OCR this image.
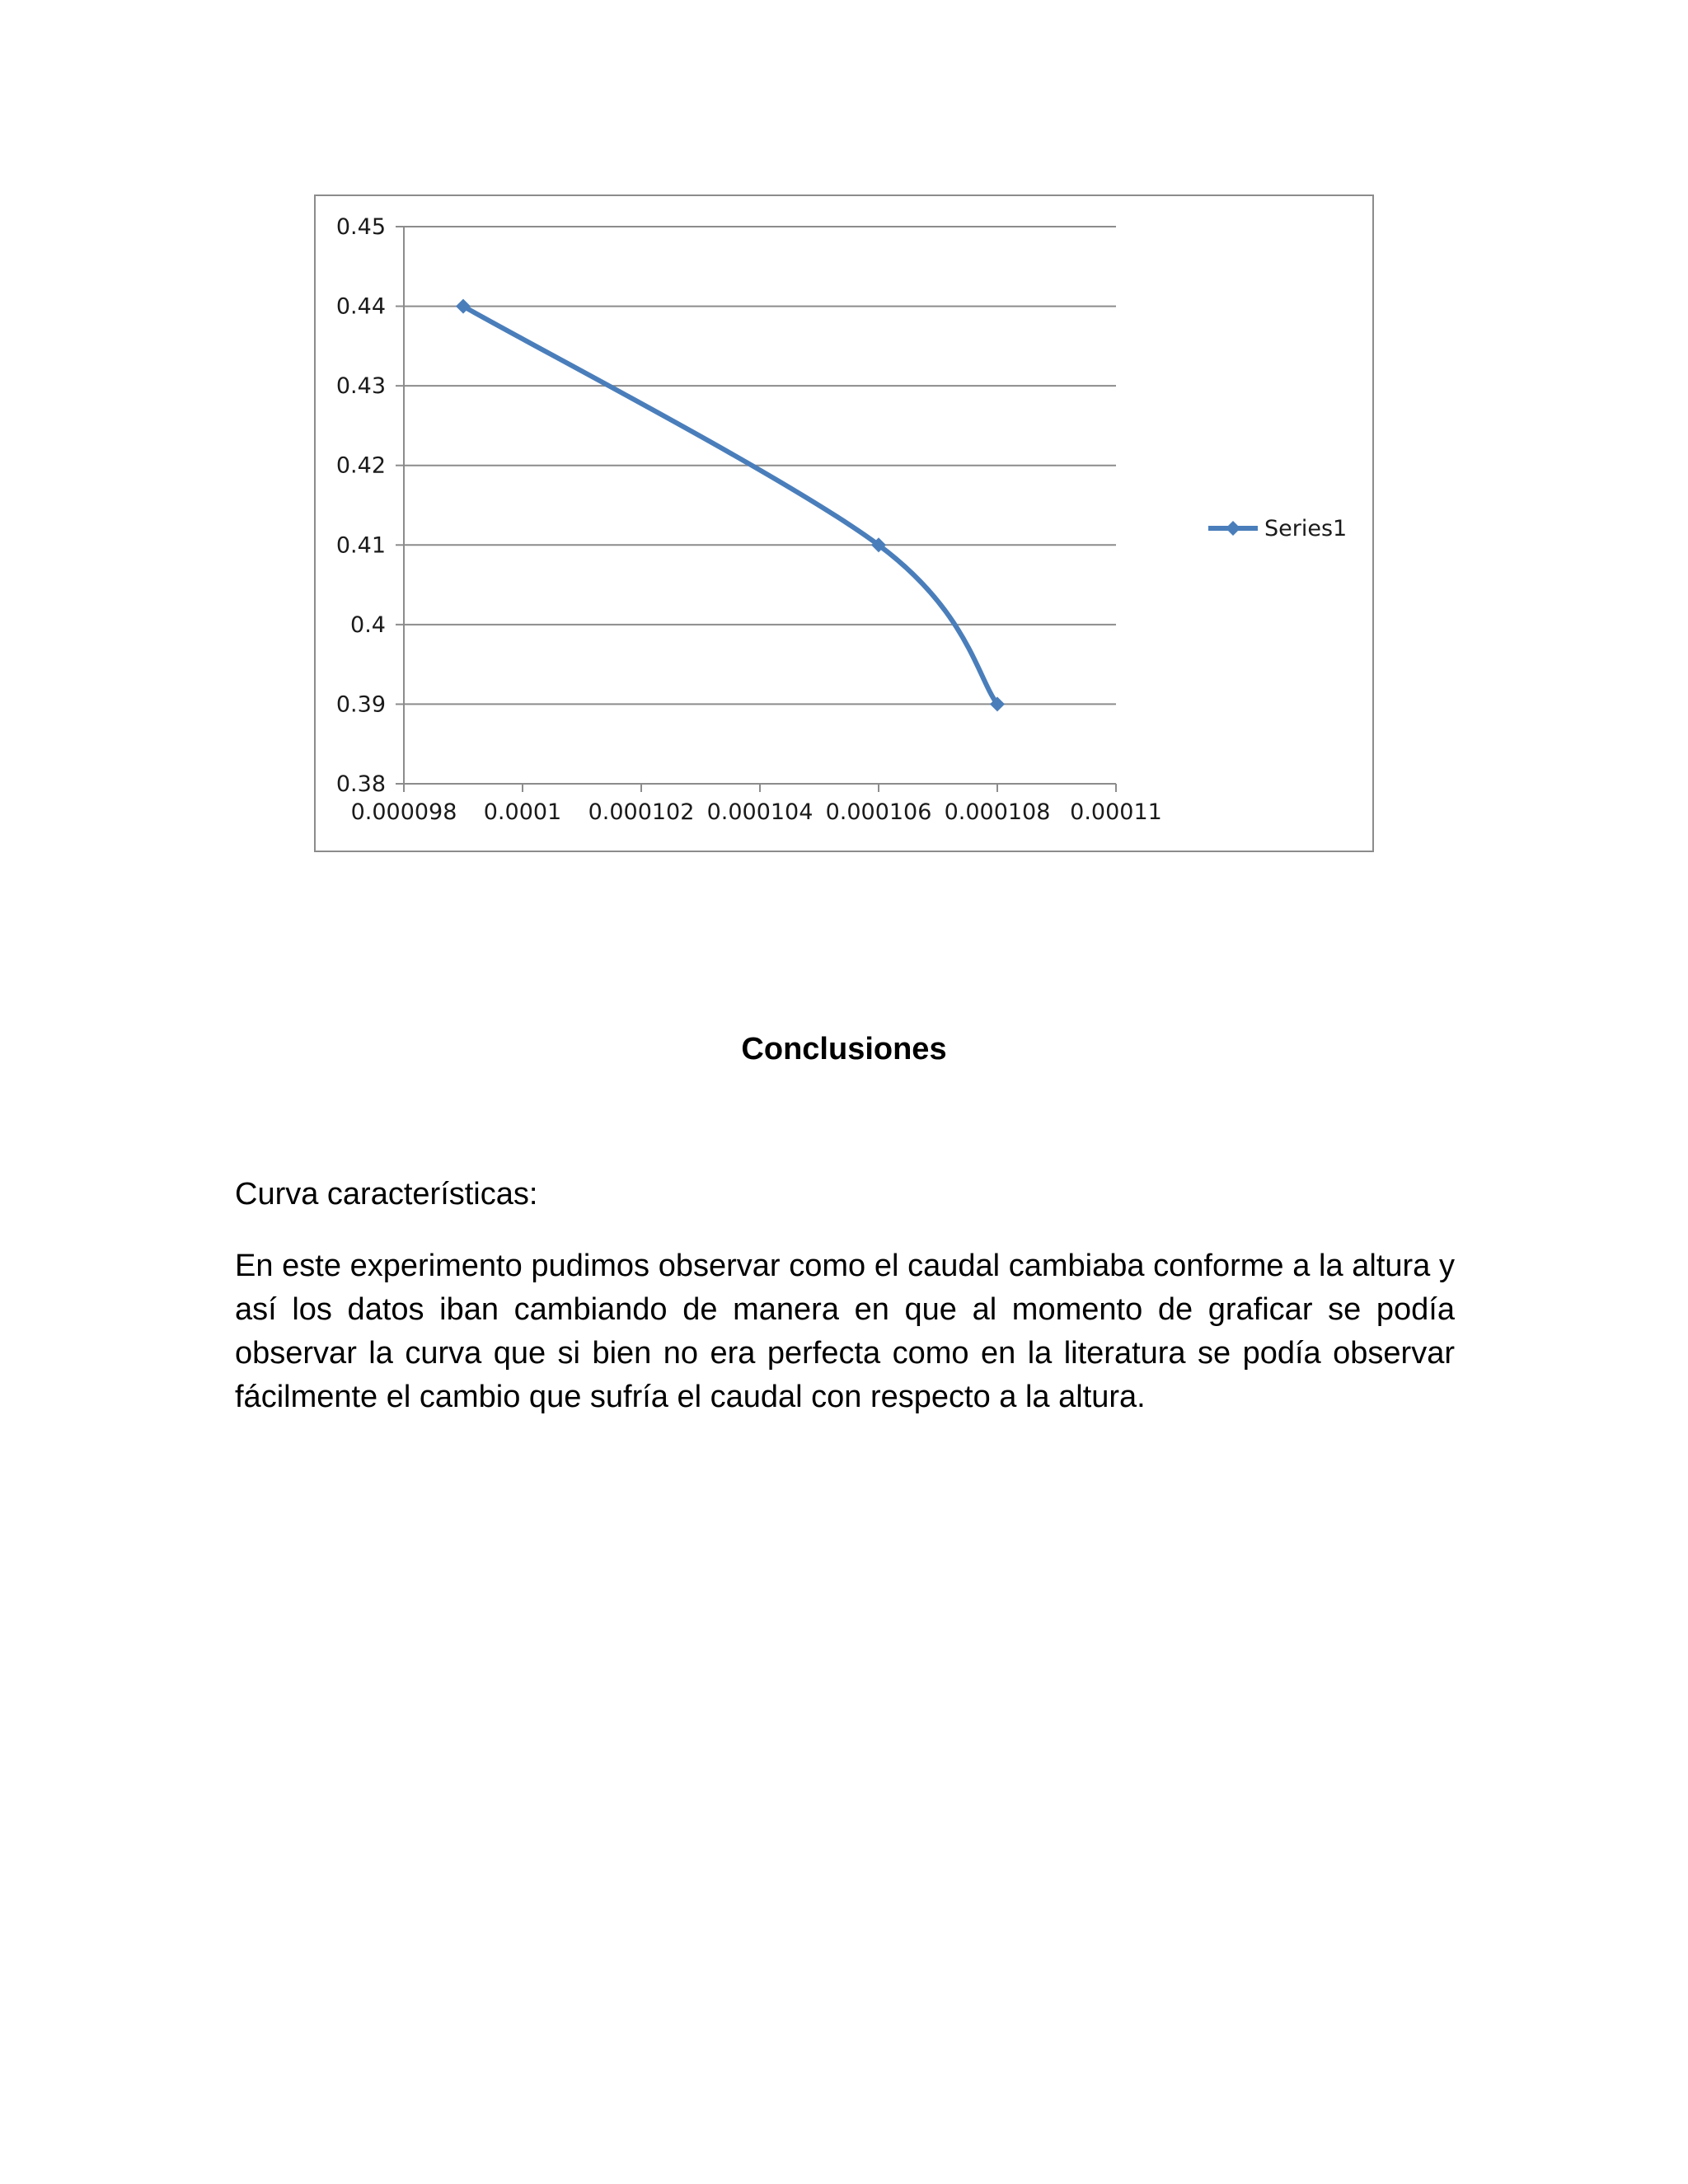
0.38
0.39
0.4
0.41
0.42
0.43
0.44
0.45
0.000098 0.0001 0.000102 0.000104 0.000106 0.000108 0.00011
Series1
Conclusiones

Curva características:

En este experimento pudimos observar como el caudal cambiaba conforme a la altura y así los datos iban cambiando de manera en que al momento de graficar se podía observar la curva que si bien no era perfecta como en la literatura se podía observar fácilmente el cambio que sufría el caudal con respecto a la altura.
